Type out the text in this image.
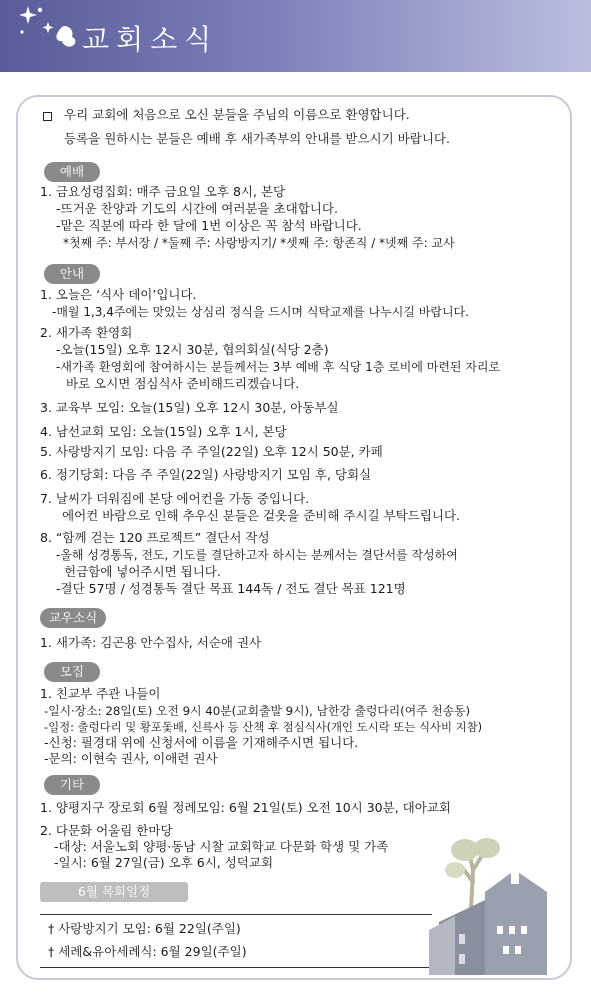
교회소식
우리 교회에 처음으로 오신 분들을 주님의 이름으로 환영합니다.
등록을 원하시는 분들은 예배 후 새가족부의 안내를 받으시기 바랍니다.
예배
1. 금요성령집회: 매주 금요일 오후 8시, 본당
-뜨거운 찬양과 기도의 시간에 여러분을 초대합니다.
-맡은 직분에 따라 한 달에 1번 이상은 꼭 참석 바랍니다.
*첫째 주: 부서장 / *둘째 주: 사랑방지기/ *셋째 주: 항존직 / *넷째 주: 교사
안내
1. 오늘은 ‘식사 데이’입니다.
-매월 1,3,4주에는 맛있는 상심리 정식을 드시며 식탁교제를 나누시길 바랍니다.
2. 새가족 환영회
-오늘(15일) 오후 12시 30분, 협의회실(식당 2층)
-새가족 환영회에 참여하시는 분들께서는 3부 예배 후 식당 1층 로비에 마련된 자리로
바로 오시면 점심식사 준비해드리겠습니다.
3. 교육부 모임: 오늘(15일) 오후 12시 30분, 아동부실
4. 남선교회 모임: 오늘(15일) 오후 1시, 본당
5. 사랑방지기 모임: 다음 주 주일(22일) 오후 12시 50분, 카페
6. 정기당회: 다음 주 주일(22일) 사랑방지기 모임 후, 당회실
7. 날씨가 더워짐에 본당 에어컨을 가동 중입니다.
에어컨 바람으로 인해 추우신 분들은 겉옷을 준비해 주시길 부탁드립니다.
8. “함께 걷는 120 프로젝트” 결단서 작성
-올해 성경통독, 전도, 기도를 결단하고자 하시는 분께서는 결단서를 작성하여
헌금함에 넣어주시면 됩니다.
-결단 57명 / 성경통독 결단 목표 144독 / 전도 결단 목표 121명
교우소식
1. 새가족: 김곤용 안수집사, 서순애 권사
모집
1. 친교부 주관 나들이
-일시·장소: 28일(토) 오전 9시 40분(교회출발 9시), 남한강 출렁다리(여주 천송동)
-일정: 출렁다리 및 황포돛배, 신륵사 등 산책 후 점심식사(개인 도시락 또는 식사비 지참)
-신청: 필경대 위에 신청서에 이름을 기재해주시면 됩니다.
-문의: 이현숙 권사, 이애련 권사
기타
1. 양평지구 장로회 6월 정례모임: 6월 21일(토) 오전 10시 30분, 대아교회
2. 다문화 어울림 한마당
-대상: 서울노회 양평·동남 시찰 교회학교 다문화 학생 및 가족
-일시: 6월 27일(금) 오후 6시, 성덕교회
6월 목회일정
† 사랑방지기 모임: 6월 22일(주일)
† 세례&유아세례식: 6월 29일(주일)
